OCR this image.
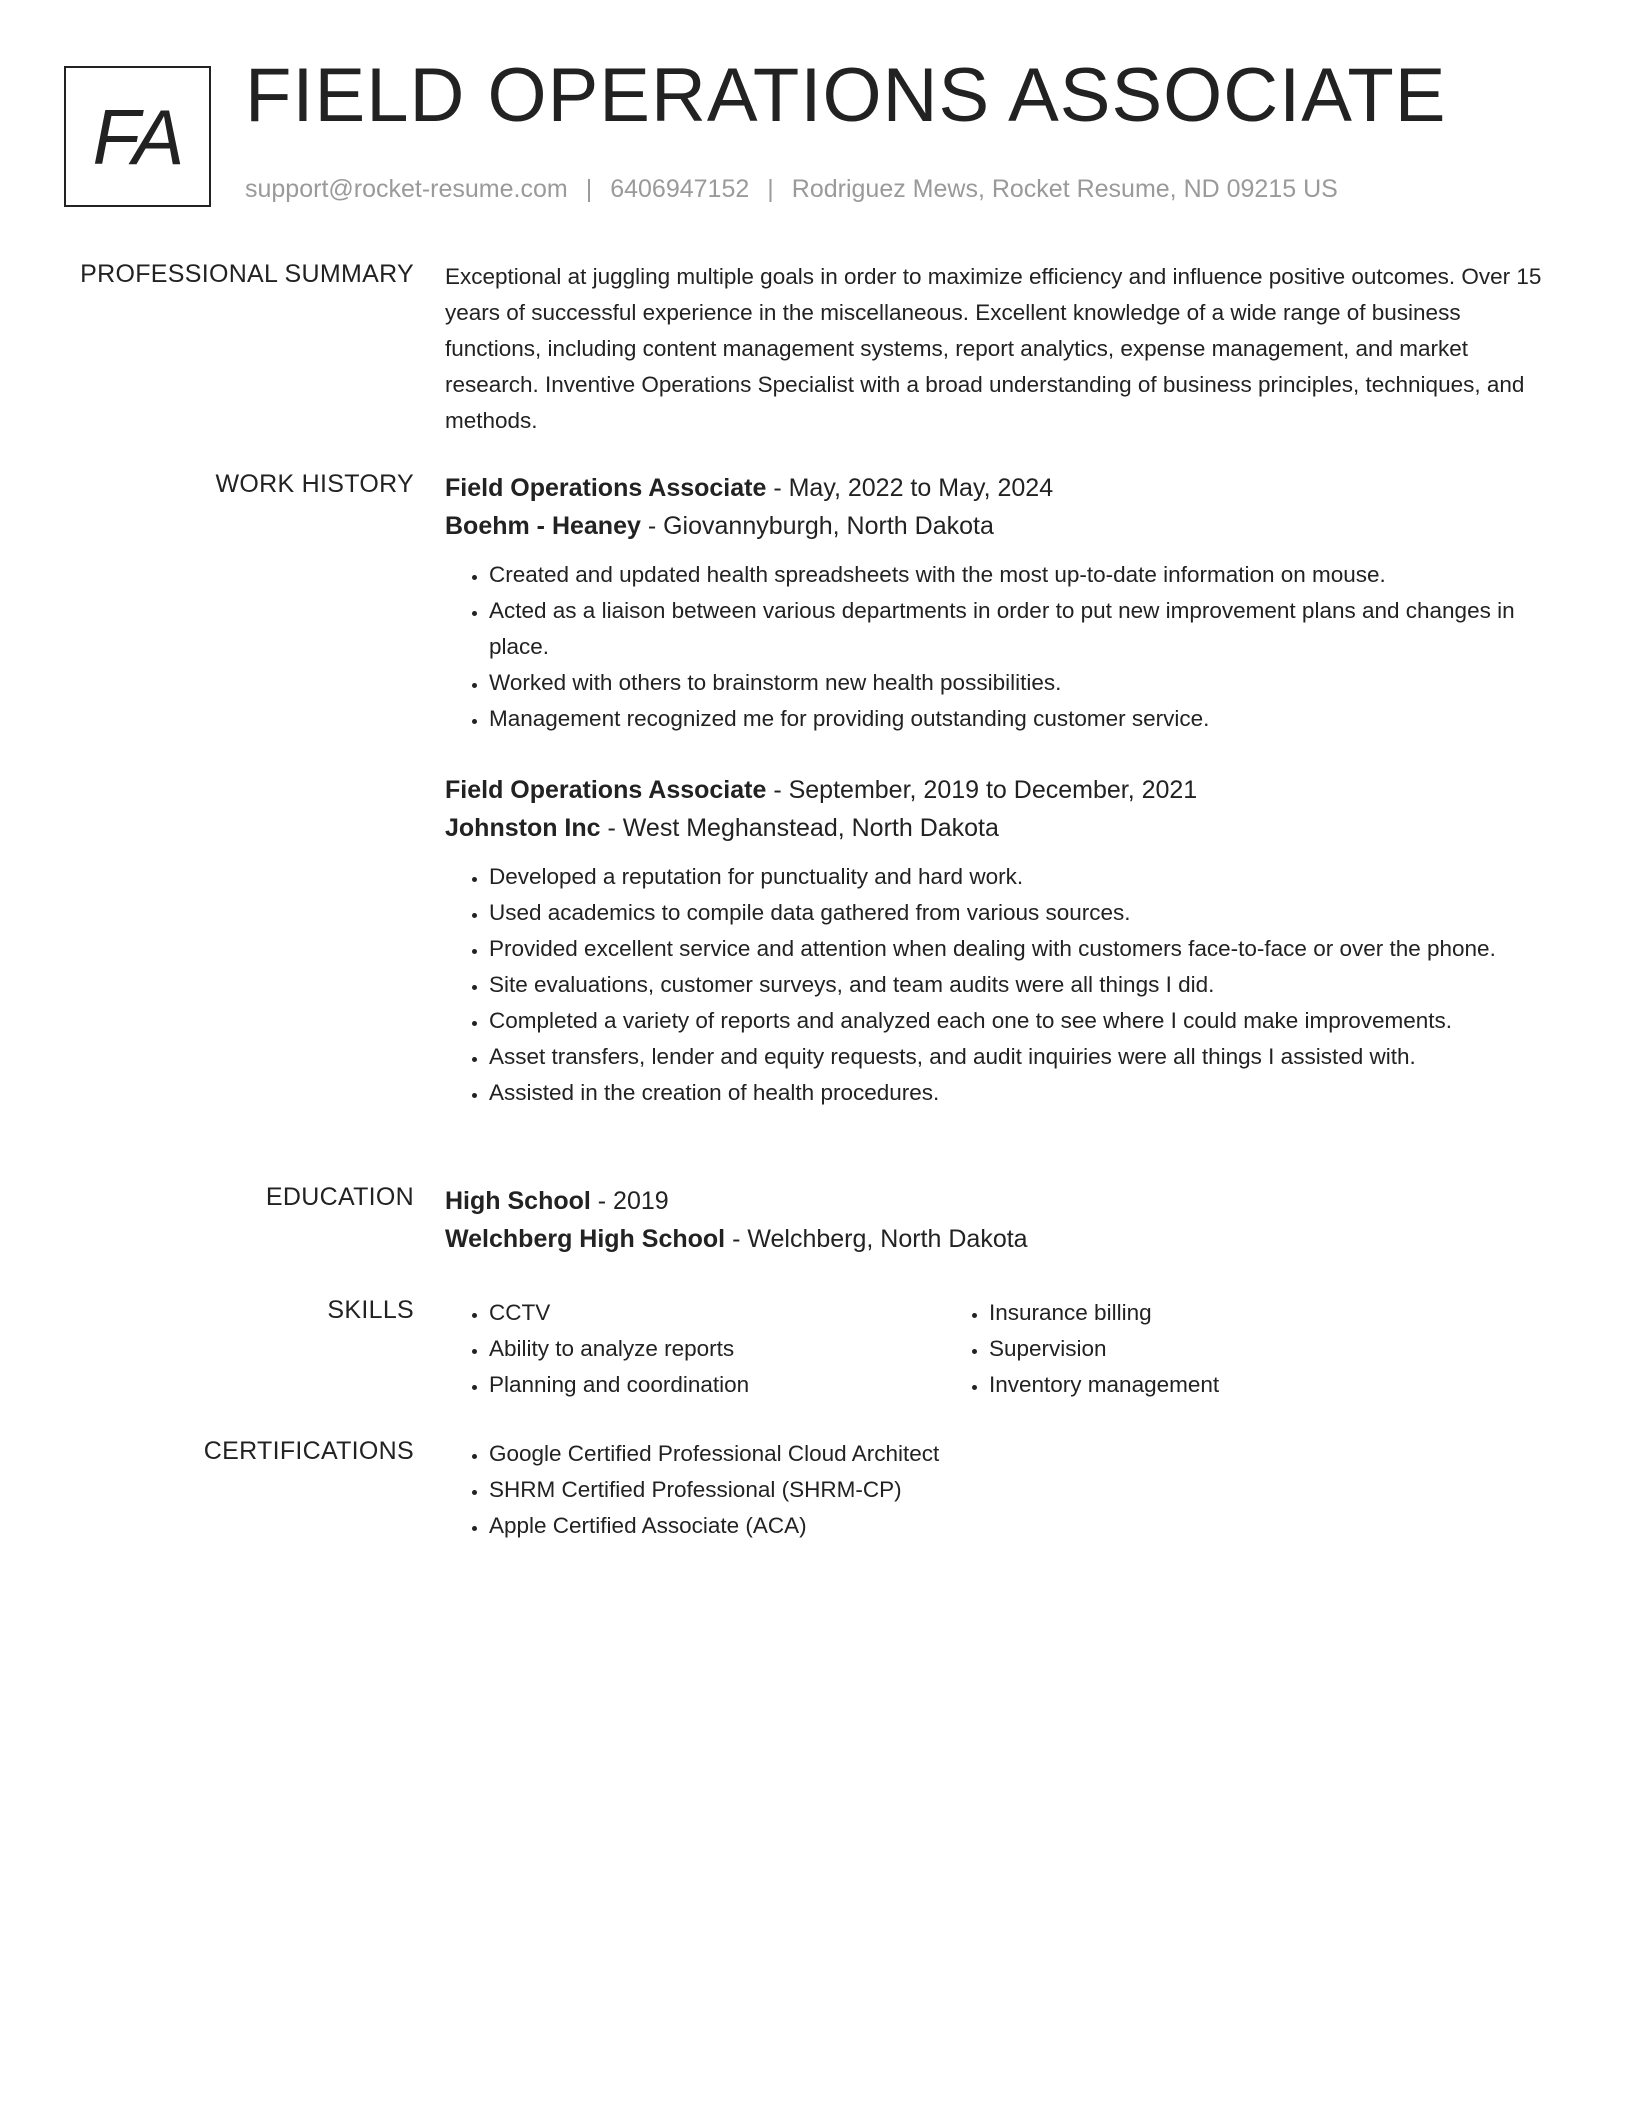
FA FIELD OPERATIONS ASSOCIATE
support@rocket-resume.com | 6406947152 | Rodriguez Mews, Rocket Resume, ND 09215 US
PROFESSIONAL SUMMARY Exceptional at juggling multiple goals in order to maximize efficiency and influence positive outcomes. Over 15 years of successful experience in the miscellaneous. Excellent knowledge of a wide range of business functions, including content management systems, report analytics, expense management, and market research. Inventive Operations Specialist with a broad understanding of business principles, techniques, and methods.

WORK HISTORY Field Operations Associate - May, 2022 to May, 2024
Boehm - Heaney - Giovannyburgh, North Dakota
• Created and updated health spreadsheets with the most up-to-date information on mouse.
• Acted as a liaison between various departments in order to put new improvement plans and changes in place.
• Worked with others to brainstorm new health possibilities.
• Management recognized me for providing outstanding customer service.
Field Operations Associate - September, 2019 to December, 2021
Johnston Inc - West Meghanstead, North Dakota
• Developed a reputation for punctuality and hard work.
• Used academics to compile data gathered from various sources.
• Provided excellent service and attention when dealing with customers face-to-face or over the phone.
• Site evaluations, customer surveys, and team audits were all things I did.
• Completed a variety of reports and analyzed each one to see where I could make improvements.
• Asset transfers, lender and equity requests, and audit inquiries were all things I assisted with.
• Assisted in the creation of health procedures.
EDUCATION High School - 2019
Welchberg High School - Welchberg, North Dakota
SKILLS	• CCTV
• Ability to analyze reports
• Planning and coordination
• Insurance billing
• Supervision
• Inventory management
CERTIFICATIONS	• Google Certified Professional Cloud Architect
• SHRM Certified Professional (SHRM-CP)
• Apple Certified Associate (ACA)
